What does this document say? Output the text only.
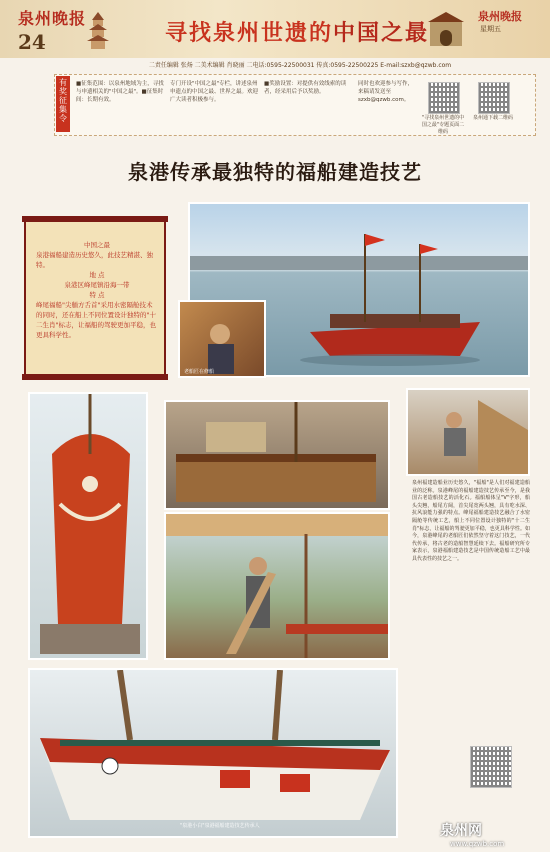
泉州晚报
24	寻找泉州世遗的中国之最
泉州晚报
星期五
二责任编辑 张炀 二美术编辑 肖晓丽 二电话:0595-22500031 传真:0595-22500225 E-mail:szxb@qzwb.com
有奖征集令
■征集范围：以泉州地域为主，寻找与申遗相关的"中国之最"。■征集时间：长期有效。
专门开设"中国之最"专栏，讲述泉州申遗点的中国之最、世界之最。欢迎广大读者积极参与。
■奖励设置：对提供有效线索的读者，经采用后予以奖励。
同时也欢迎参与写作，来稿请发送至 szxb@qzwb.com。
"寻找泉州世遗的中国之最"专题页面二维码
泉州通下载二维码
泉港传承最独特的福船建造技艺
中国之最
泉港福船建造历史悠久，此技艺精湛、独特。
地 点
泉港区峰尾镇沿海一带
特 点
峰尾福船"尖艏方舌首"采用水密隔舱技术的同时，还在船上不同位置设计独特的"十二生肖"标志，让福船的驾驶更加平稳，也更具科学性。
老船匠在修船
"泉港小白"泉港福船建造技艺传承人
泉州福建造船业历史悠久，"福船"是人们对福建造船业的泛称。泉港峰尾的福船建造技艺传承至今，是我国古老造船技艺的活化石。福船船体呈"V"字形，船头尖翘，船尾方阔，首尖尾宽两头翘，具有吃水深、抗风浪能力强的特点。峰尾福船建造技艺融合了水密隔舱等传统工艺，船上不同位置设计独特的"十二生肖"标志，让福船的驾驶更加平稳，也更具科学性。如今，泉港峰尾的老船匠们依然坚守着这门技艺，一代代传承，将古老的造船智慧延续下去。福船研究所专家表示，泉港福船建造技艺是中国传统造船工艺中最具代表性的技艺之一。
泉州网
www.qzwb.com
